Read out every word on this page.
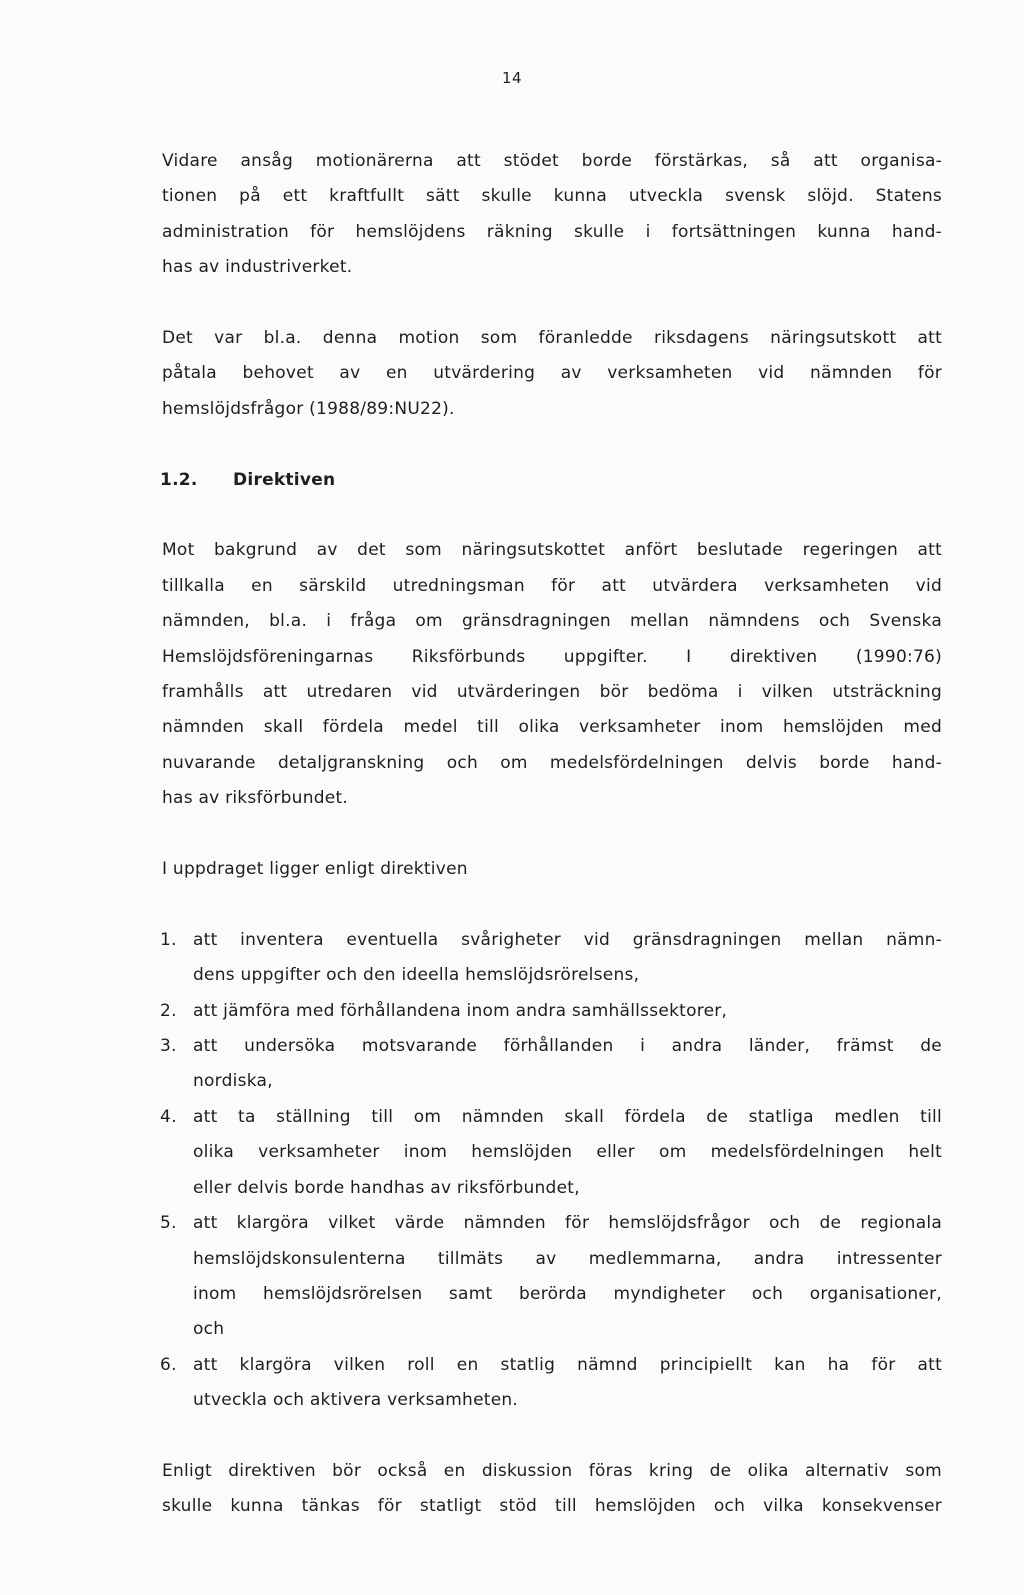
14
Vidare ansåg motionärerna att stödet borde förstärkas, så att organisa-
tionen på ett kraftfullt sätt skulle kunna utveckla svensk slöjd. Statens
administration för hemslöjdens räkning skulle i fortsättningen kunna hand-
has av industriverket.
Det var bl.a. denna motion som föranledde riksdagens näringsutskott att
påtala behovet av en utvärdering av verksamheten vid nämnden för
hemslöjdsfrågor (1988/89:NU22).
1.2. Direktiven
Mot bakgrund av det som näringsutskottet anfört beslutade regeringen att
tillkalla en särskild utredningsman för att utvärdera verksamheten vid
nämnden, bl.a. i fråga om gränsdragningen mellan nämndens och Svenska
Hemslöjdsföreningarnas Riksförbunds uppgifter. I direktiven (1990:76)
framhålls att utredaren vid utvärderingen bör bedöma i vilken utsträckning
nämnden skall fördela medel till olika verksamheter inom hemslöjden med
nuvarande detaljgranskning och om medelsfördelningen delvis borde hand-
has av riksförbundet.
I uppdraget ligger enligt direktiven
1. att inventera eventuella svårigheter vid gränsdragningen mellan nämn-
dens uppgifter och den ideella hemslöjdsrörelsens,
2. att jämföra med förhållandena inom andra samhällssektorer,
3. att undersöka motsvarande förhållanden i andra länder, främst de
nordiska,
4. att ta ställning till om nämnden skall fördela de statliga medlen till
olika verksamheter inom hemslöjden eller om medelsfördelningen helt
eller delvis borde handhas av riksförbundet,
5. att klargöra vilket värde nämnden för hemslöjdsfrågor och de regionala
hemslöjdskonsulenterna tillmäts av medlemmarna, andra intressenter
inom hemslöjdsrörelsen samt berörda myndigheter och organisationer,
och
6. att klargöra vilken roll en statlig nämnd principiellt kan ha för att
utveckla och aktivera verksamheten.
Enligt direktiven bör också en diskussion föras kring de olika alternativ som
skulle kunna tänkas för statligt stöd till hemslöjden och vilka konsekvenser
